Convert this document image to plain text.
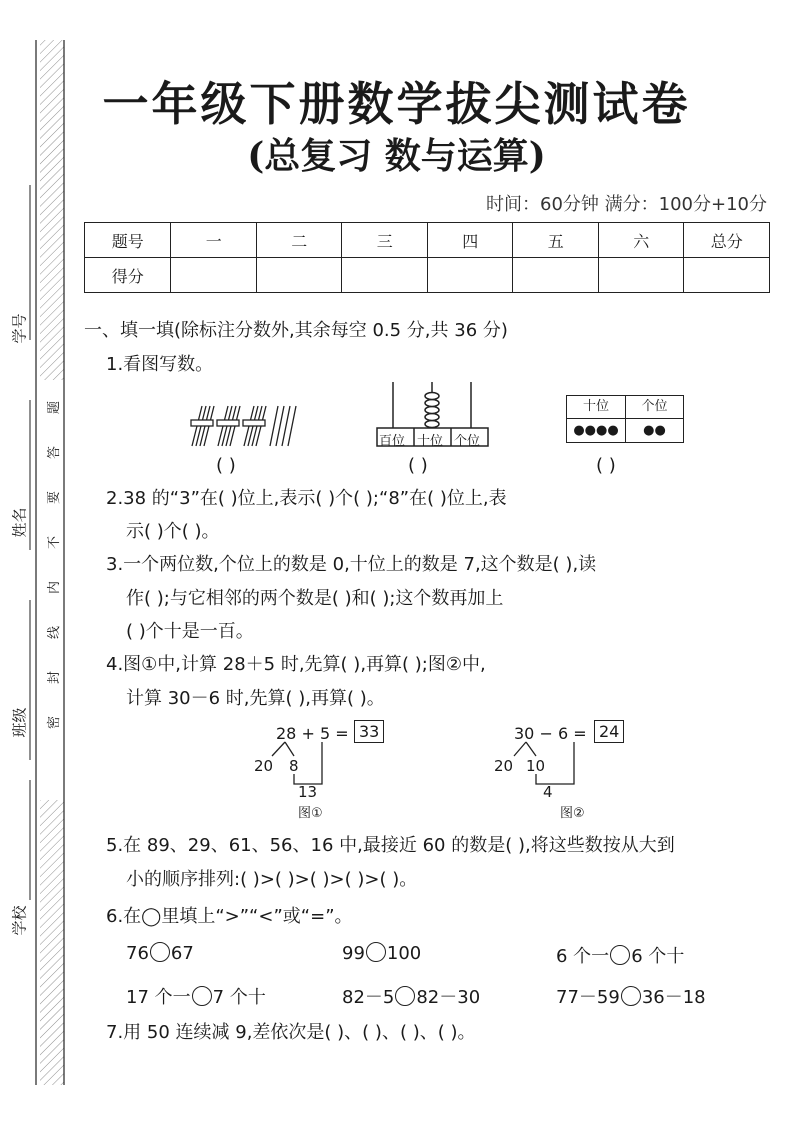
学号
姓名
班级
学校
题
答
要
不
内
线
封
密
一年级下册数学拔尖测试卷
(总复习 数与运算)
时间：60分钟 满分：100分+10分
题号	一	二	三	四	五	六	总分
得分							
一、填一填(除标注分数外,其余每空 0.5 分,共 36 分)
1.看图写数。
( )
百位 十位 个位
( )
十位	个位
●●●●	●●
( )
2.38 的“3”在( )位上,表示( )个( );“8”在( )位上,表
示( )个( )。
3.一个两位数,个位上的数是 0,十位上的数是 7,这个数是( ),读
作( );与它相邻的两个数是( )和( );这个数再加上
( )个十是一百。
4.图①中,计算 28＋5 时,先算( ),再算( );图②中,
计算 30－6 时,先算( ),再算( )。
28 + 5 = 33
20 8
13
图①
30 − 6 = 24
20 10
4
图②
5.在 89、29、61、56、16 中,最接近 60 的数是( ),将这些数按从大到
小的顺序排列:( )>( )>( )>( )>( )。
6.在◯里填上“>”“<”或“=”。
76 67	99 100	6 个一 6 个十
17 个一 7 个十	82－5 82－30	77－59 36－18
7.用 50 连续减 9,差依次是( )、( )、( )、( )。
